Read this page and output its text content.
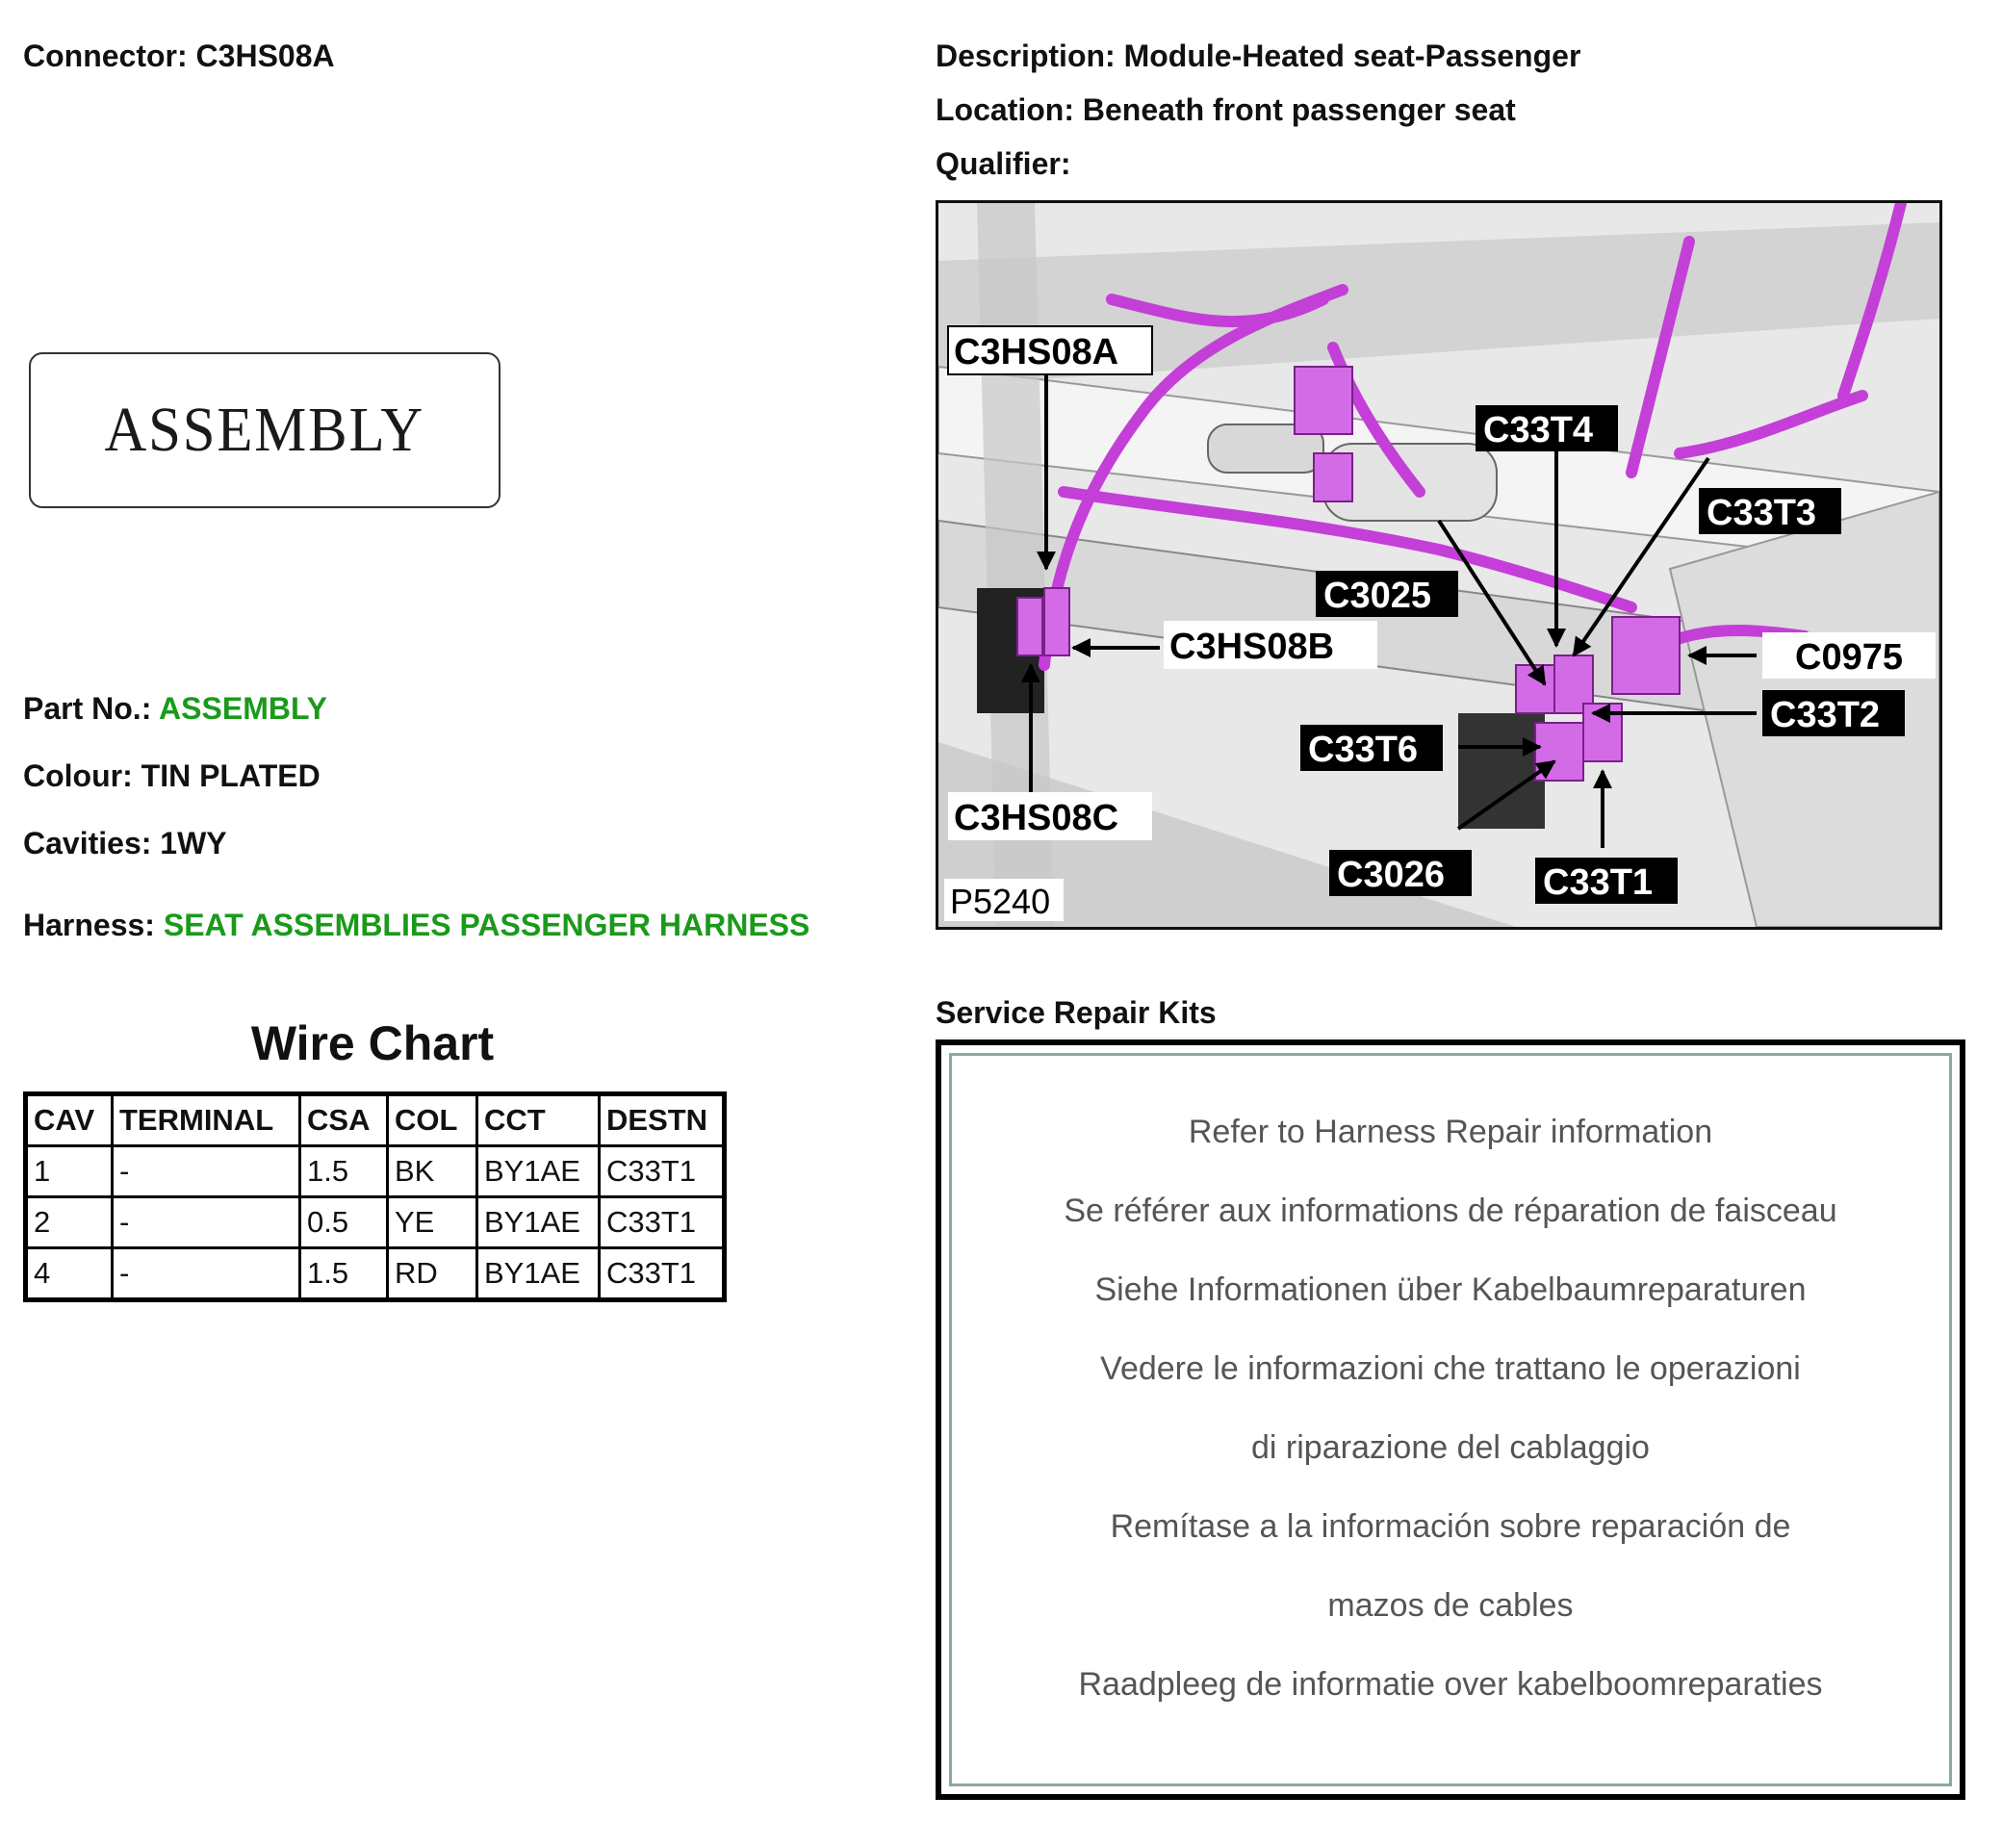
Connector: C3HS08A
ASSEMBLY
Part No.: ASSEMBLY
Colour: TIN PLATED
Cavities: 1WY
Harness: SEAT ASSEMBLIES PASSENGER HARNESS
Wire Chart
CAV	TERMINAL	CSA	COL	CCT	DESTN
1	-	1.5	BK	BY1AE	C33T1
2	-	0.5	YE	BY1AE	C33T1
4	-	1.5	RD	BY1AE	C33T1
Description: Module-Heated seat-Passenger
Location: Beneath front passenger seat
Qualifier:
C3HS08A
C33T4
C33T3
C3025
C3HS08B	C0975
C33T2
C33T6
C3HS08C
C3026	C33T1
P5240
Service Repair Kits
Refer to Harness Repair information
Se référer aux informations de réparation de faisceau
Siehe Informationen über Kabelbaumreparaturen
Vedere le informazioni che trattano le operazioni
di riparazione del cablaggio
Remítase a la información sobre reparación de
mazos de cables
Raadpleeg de informatie over kabelboomreparaties
